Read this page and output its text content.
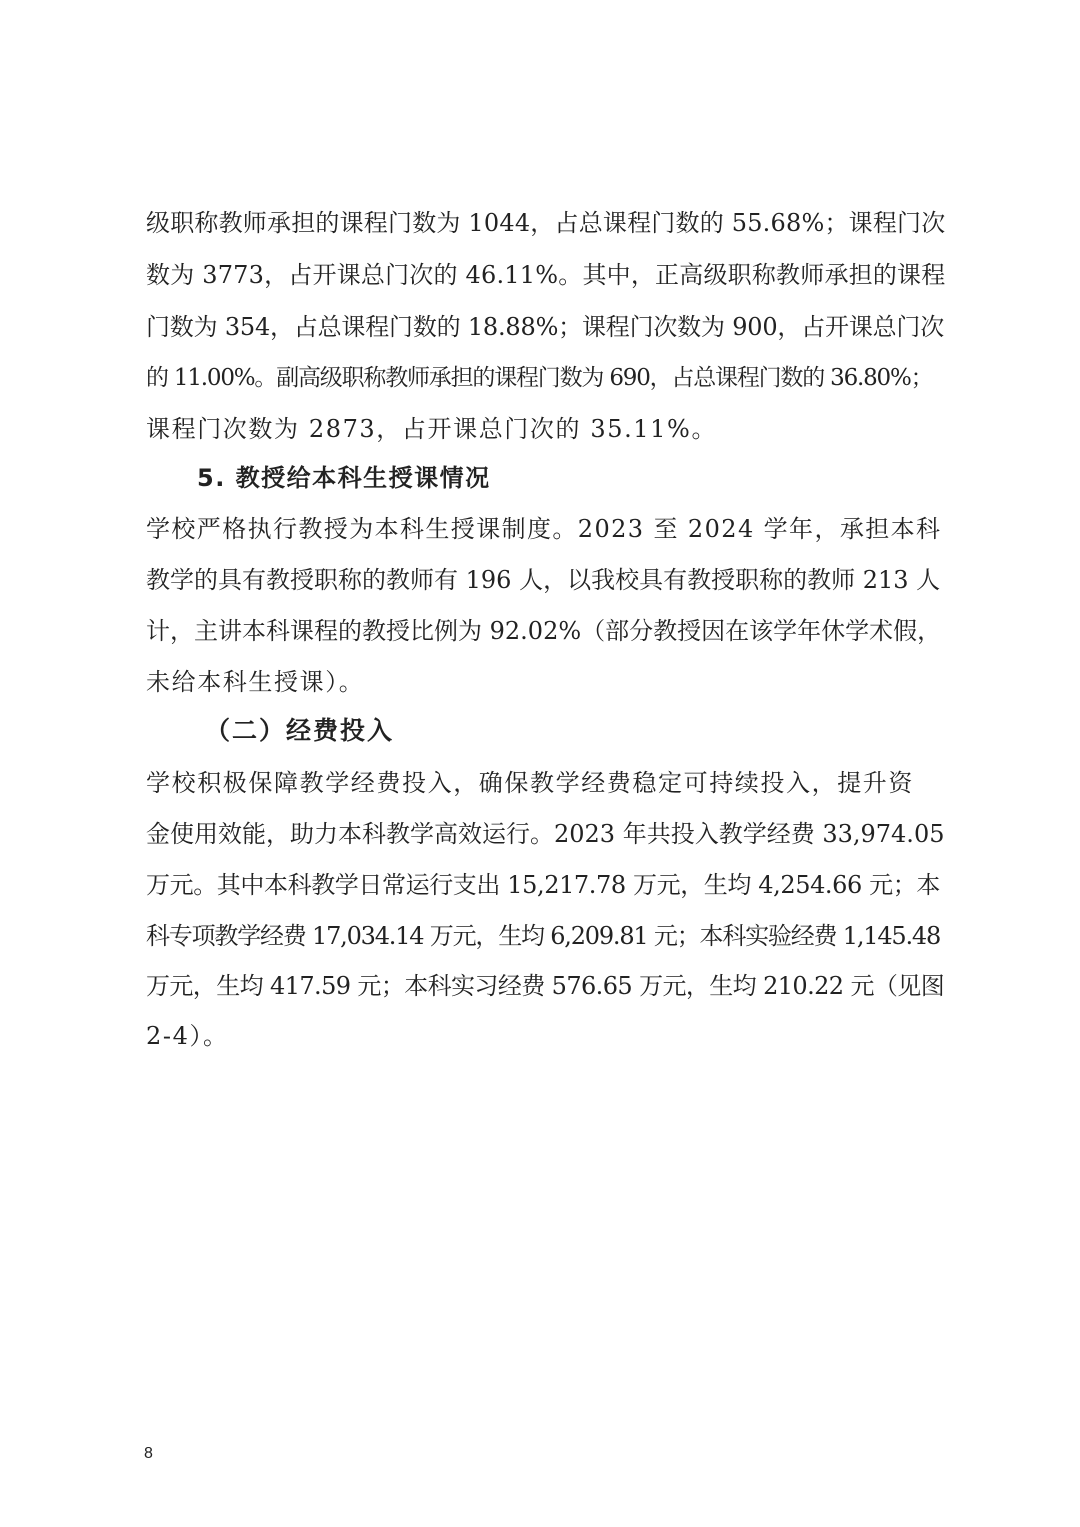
级职称教师承担的课程门数为 1044，占总课程门数的 55.68%；课程门次
数为 3773，占开课总门次的 46.11%。其中，正高级职称教师承担的课程
门数为 354，占总课程门数的 18.88%；课程门次数为 900，占开课总门次
的 11.00%。副高级职称教师承担的课程门数为 690，占总课程门数的 36.80%；
课程门次数为 2873，占开课总门次的 35.11%。
5. 教授给本科生授课情况
学校严格执行教授为本科生授课制度。2023 至 2024 学年，承担本科
教学的具有教授职称的教师有 196 人，以我校具有教授职称的教师 213 人
计，主讲本科课程的教授比例为 92.02%（部分教授因在该学年休学术假，
未给本科生授课）。
（二）经费投入
学校积极保障教学经费投入，确保教学经费稳定可持续投入，提升资
金使用效能，助力本科教学高效运行。2023 年共投入教学经费 33,974.05
万元。其中本科教学日常运行支出 15,217.78 万元，生均 4,254.66 元；本
科专项教学经费 17,034.14 万元，生均 6,209.81 元；本科实验经费 1,145.48
万元，生均 417.59 元；本科实习经费 576.65 万元，生均 210.22 元（见图
2-4）。
8
